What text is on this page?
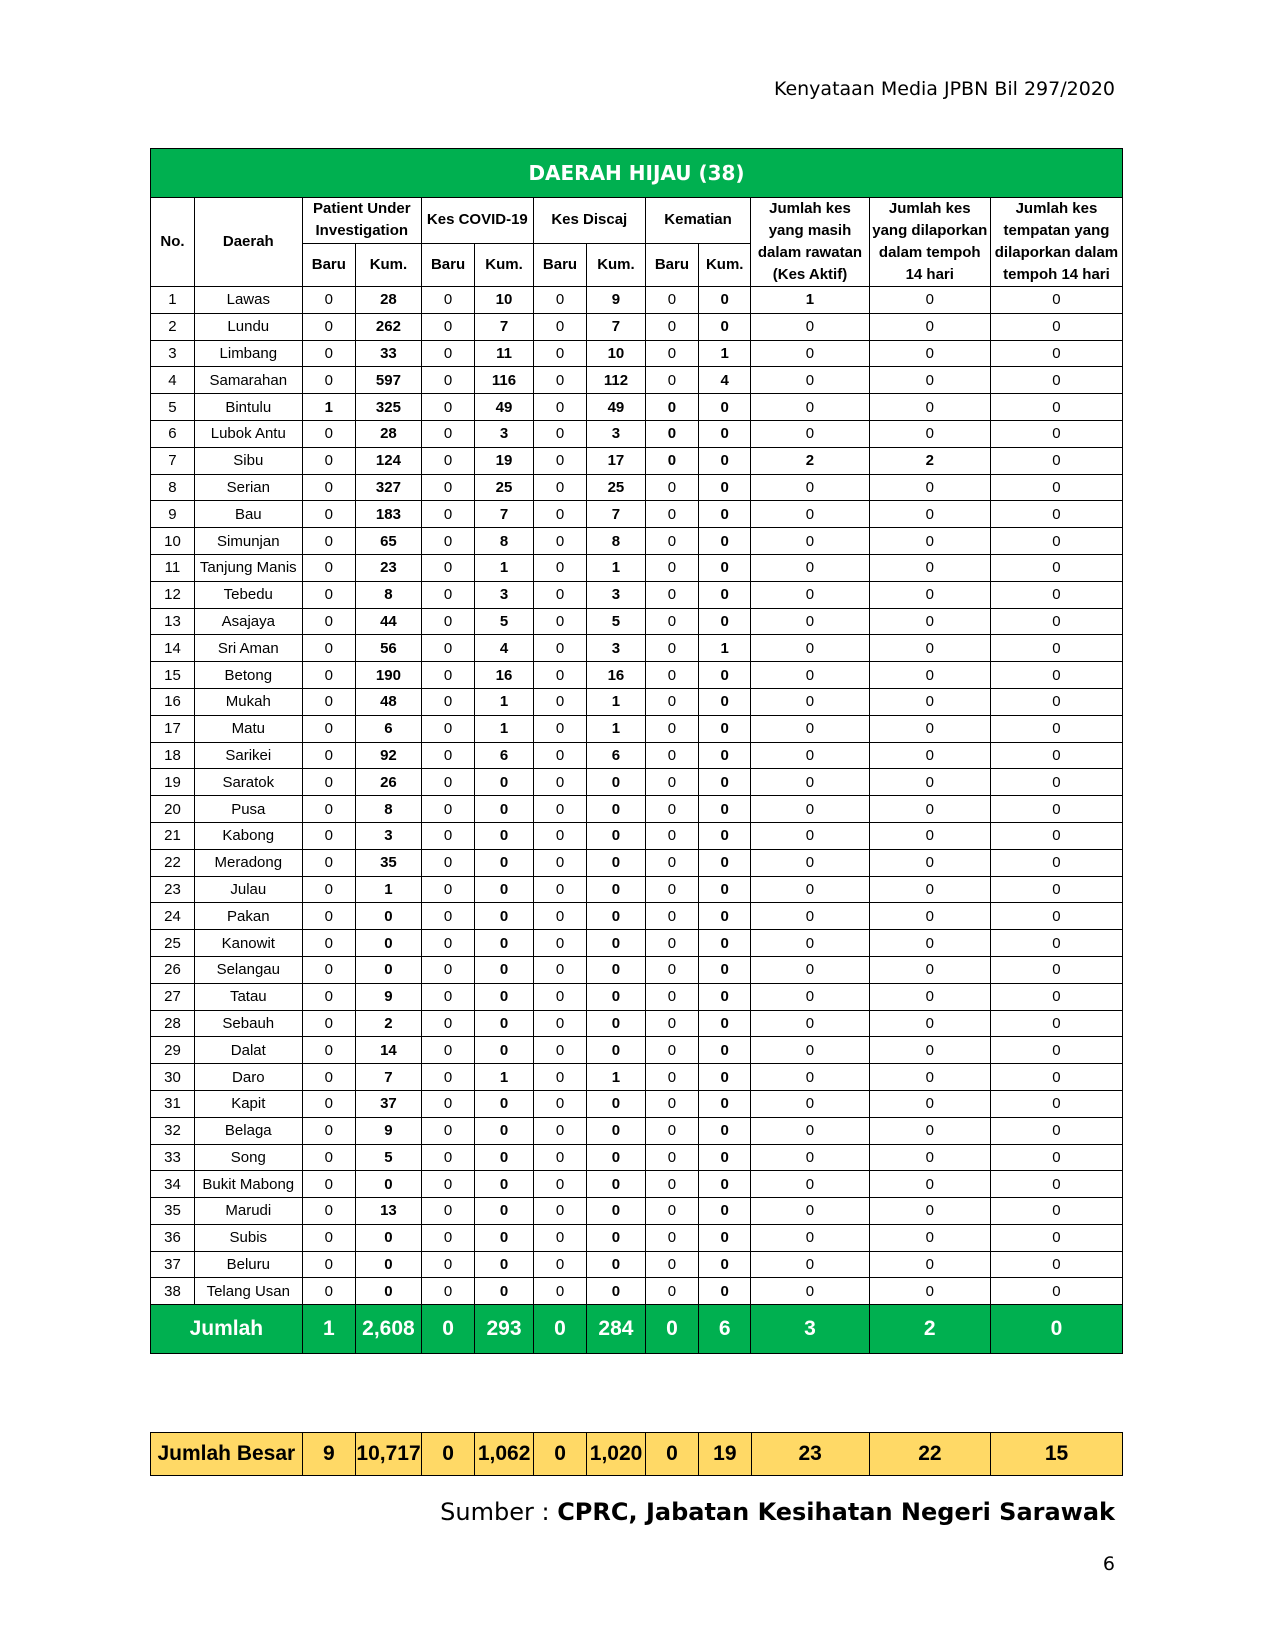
Kenyataan Media JPBN Bil 297/2020
DAERAH HIJAU (38)												
No.	Daerah	Patient Under Investigation		Kes COVID-19		Kes Discaj		Kematian		Jumlah kes yang masih dalam rawatan (Kes Aktif)	Jumlah kes yang dilaporkan dalam tempoh 14 hari	Jumlah kes tempatan yang dilaporkan dalam tempoh 14 hari
		Baru	Kum.	Baru	Kum.	Baru	Kum.	Baru	Kum.			
1	Lawas	0	28	0	10	0	9	0	0	1	0	0
2	Lundu	0	262	0	7	0	7	0	0	0	0	0
3	Limbang	0	33	0	11	0	10	0	1	0	0	0
4	Samarahan	0	597	0	116	0	112	0	4	0	0	0
5	Bintulu	1	325	0	49	0	49	0	0	0	0	0
6	Lubok Antu	0	28	0	3	0	3	0	0	0	0	0
7	Sibu	0	124	0	19	0	17	0	0	2	2	0
8	Serian	0	327	0	25	0	25	0	0	0	0	0
9	Bau	0	183	0	7	0	7	0	0	0	0	0
10	Simunjan	0	65	0	8	0	8	0	0	0	0	0
11	Tanjung Manis	0	23	0	1	0	1	0	0	0	0	0
12	Tebedu	0	8	0	3	0	3	0	0	0	0	0
13	Asajaya	0	44	0	5	0	5	0	0	0	0	0
14	Sri Aman	0	56	0	4	0	3	0	1	0	0	0
15	Betong	0	190	0	16	0	16	0	0	0	0	0
16	Mukah	0	48	0	1	0	1	0	0	0	0	0
17	Matu	0	6	0	1	0	1	0	0	0	0	0
18	Sarikei	0	92	0	6	0	6	0	0	0	0	0
19	Saratok	0	26	0	0	0	0	0	0	0	0	0
20	Pusa	0	8	0	0	0	0	0	0	0	0	0
21	Kabong	0	3	0	0	0	0	0	0	0	0	0
22	Meradong	0	35	0	0	0	0	0	0	0	0	0
23	Julau	0	1	0	0	0	0	0	0	0	0	0
24	Pakan	0	0	0	0	0	0	0	0	0	0	0
25	Kanowit	0	0	0	0	0	0	0	0	0	0	0
26	Selangau	0	0	0	0	0	0	0	0	0	0	0
27	Tatau	0	9	0	0	0	0	0	0	0	0	0
28	Sebauh	0	2	0	0	0	0	0	0	0	0	0
29	Dalat	0	14	0	0	0	0	0	0	0	0	0
30	Daro	0	7	0	1	0	1	0	0	0	0	0
31	Kapit	0	37	0	0	0	0	0	0	0	0	0
32	Belaga	0	9	0	0	0	0	0	0	0	0	0
33	Song	0	5	0	0	0	0	0	0	0	0	0
34	Bukit Mabong	0	0	0	0	0	0	0	0	0	0	0
35	Marudi	0	13	0	0	0	0	0	0	0	0	0
36	Subis	0	0	0	0	0	0	0	0	0	0	0
37	Beluru	0	0	0	0	0	0	0	0	0	0	0
38	Telang Usan	0	0	0	0	0	0	0	0	0	0	0
Jumlah		1	2,608	0	293	0	284	0	6	3	2	0
Jumlah Besar	9	10,717	0	1,062	0	1,020	0	19	23	22	15
Sumber : CPRC, Jabatan Kesihatan Negeri Sarawak
6
